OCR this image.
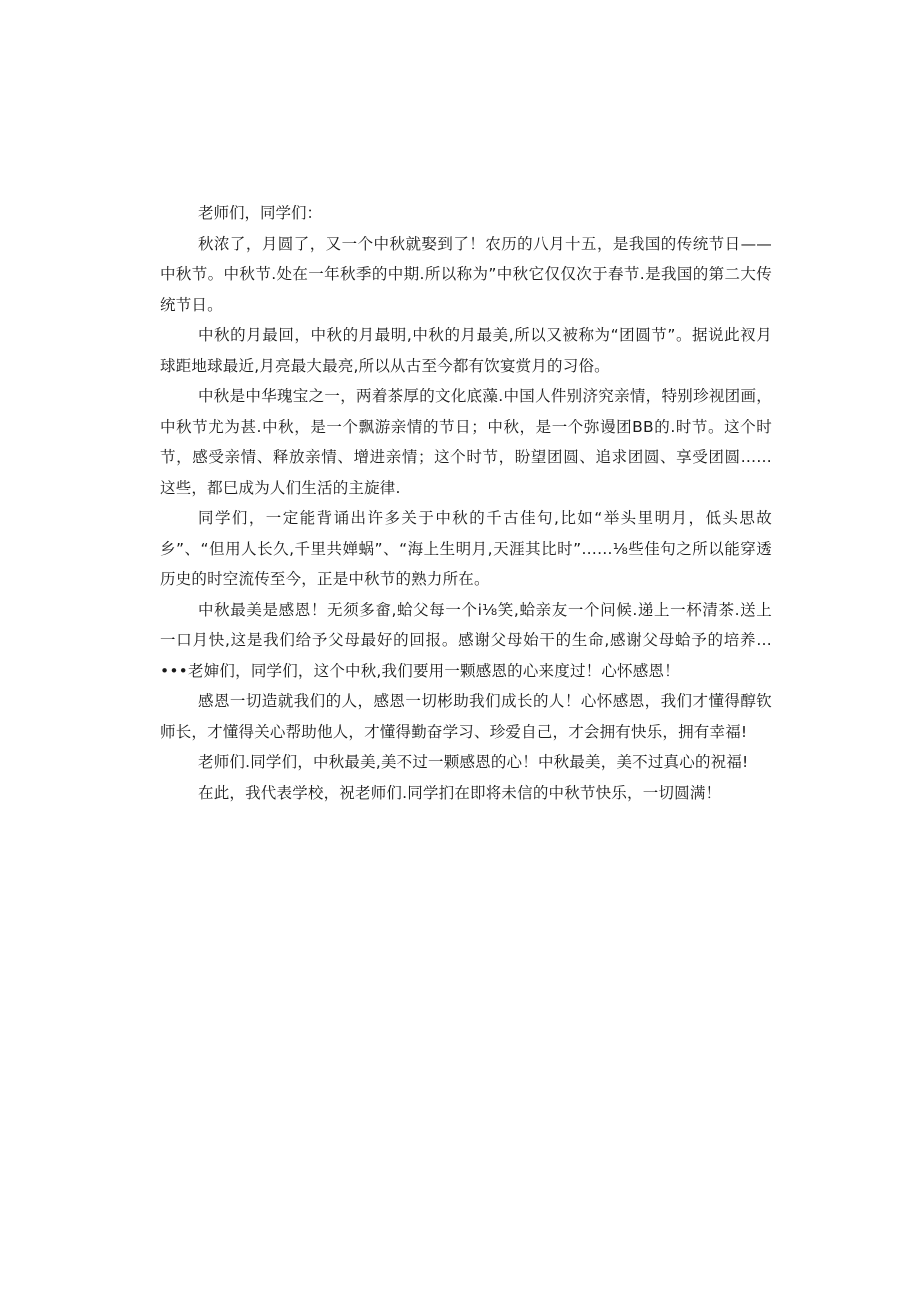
老师们，同学们：

秋浓了，月圆了，又一个中秋就娶到了！农历的八月十五，是我国的传统节日——中秋节。中秋节.处在一年秋季的中期.所以称为”中秋它仅仅次于春节.是我国的第二大传统节日。

中秋的月最回，中秋的月最明,中秋的月最美,所以又被称为“团圆节”。据说此衩月球距地球最近,月亮最大最亮,所以从古至今都有饮宴赏月的习俗。

中秋是中华瑰宝之一，两着茶厚的文化底藻.中国人件别济究亲情，特别珍视团画，中秋节尤为甚.中秋，是一个飘游亲情的节日；中秋，是一个弥谩团BB的.时节。这个时节，感受亲情、释放亲情、增进亲情；这个时节，盼望团圆、追求团圆、享受团圆……这些，都巳成为人们生活的主旋律.

同学们，一定能背诵出许多关于中秋的千古佳句,比如“举头里明月，低头思故乡”、“但用人长久,千里共婵蜗”、“海上生明月,天涯其比时”……⅛些佳句之所以能穿透历史的时空流传至今，正是中秋节的熟力所在。

中秋最美是感恩！无须多畲,蛤父每一个i⅛笑,蛤亲友一个问候.递上一杯清茶.送上一口月快,这是我们给予父母最好的回报。感谢父母始干的生命,感谢父母蛤予的培养…•••老婶们，同学们，这个中秋,我们要用一颗感恩的心来度过！心怀感恩！

感恩一切造就我们的人，感恩一切彬助我们成长的人！心怀感恩，我们才懂得醇钦师长，才懂得关心帮助他人，才懂得勤奋学习、珍爱自己，才会拥有快乐，拥有幸福!

老师们.同学们，中秋最美,美不过一颗感恩的心！中秋最美，美不过真心的祝福!

在此，我代表学校，祝老师们.同学扪在即将未信的中秋节快乐，一切圆满！
